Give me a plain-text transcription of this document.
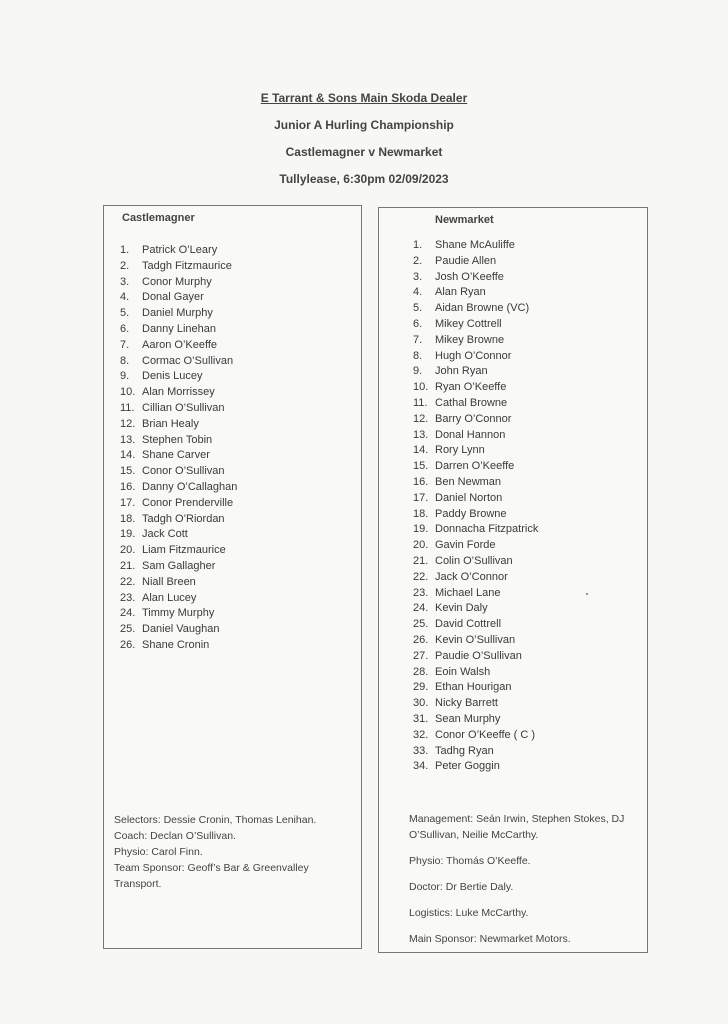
E Tarrant & Sons Main Skoda Dealer
Junior A Hurling Championship
Castlemagner v Newmarket
Tullylease, 6:30pm 02/09/2023
Castlemagner
1. Patrick O’Leary
2. Tadgh Fitzmaurice
3. Conor Murphy
4. Donal Gayer
5. Daniel Murphy
6. Danny Linehan
7. Aaron O’Keeffe
8. Cormac O’Sullivan
9. Denis Lucey
10. Alan Morrissey
11. Cillian O’Sullivan
12. Brian Healy
13. Stephen Tobin
14. Shane Carver
15. Conor O’Sullivan
16. Danny O’Callaghan
17. Conor Prenderville
18. Tadgh O’Riordan
19. Jack Cott
20. Liam Fitzmaurice
21. Sam Gallagher
22. Niall Breen
23. Alan Lucey
24. Timmy Murphy
25. Daniel Vaughan
26. Shane Cronin

Selectors: Dessie Cronin, Thomas Lenihan.

Coach: Declan O’Sullivan.

Physio: Carol Finn.

Team Sponsor: Geoff’s Bar & Greenvalley Transport.

Newmarket
1. Shane McAuliffe
2. Paudie Allen
3. Josh O’Keeffe
4. Alan Ryan
5. Aidan Browne (VC)
6. Mikey Cottrell
7. Mikey Browne
8. Hugh O’Connor
9. John Ryan
10. Ryan O’Keeffe
11. Cathal Browne
12. Barry O’Connor
13. Donal Hannon
14. Rory Lynn
15. Darren O’Keeffe
16. Ben Newman
17. Daniel Norton
18. Paddy Browne
19. Donnacha Fitzpatrick
20. Gavin Forde
21. Colin O’Sullivan
22. Jack O’Connor
23. Michael Lane
24. Kevin Daly
25. David Cottrell
26. Kevin O’Sullivan
27. Paudie O’Sullivan
28. Eoin Walsh
29. Ethan Hourigan
30. Nicky Barrett
31. Sean Murphy
32. Conor O’Keeffe ( C )
33. Tadhg Ryan
34. Peter Goggin

Management: Seán Irwin, Stephen Stokes, DJ O’Sullivan, Neilie McCarthy.

Physio: Thomás O’Keeffe.

Doctor: Dr Bertie Daly.

Logistics: Luke McCarthy.

Main Sponsor: Newmarket Motors.
